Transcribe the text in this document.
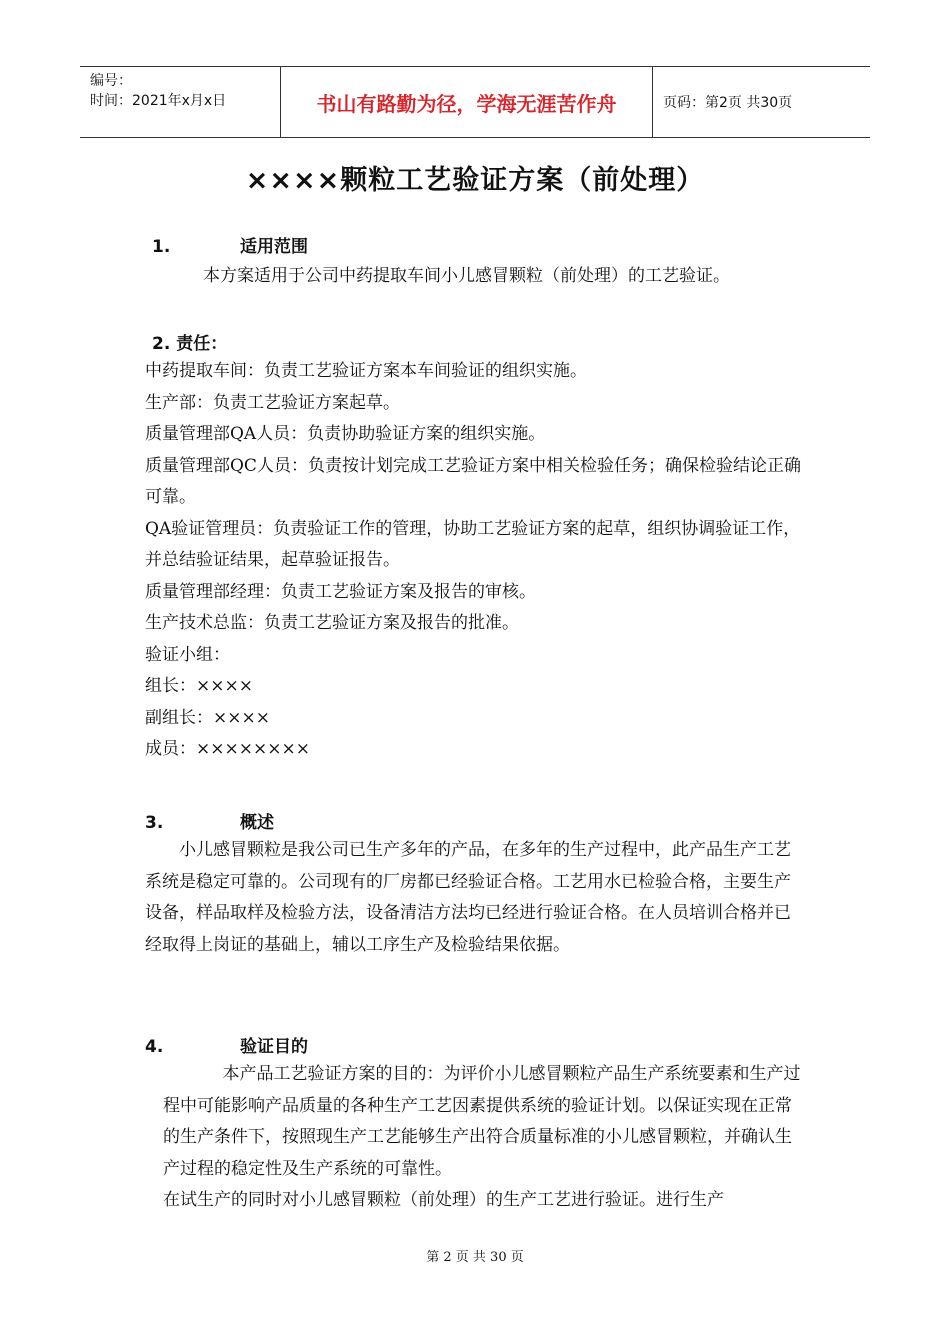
编号：
时间：2021年x月x日	书山有路勤为径，学海无涯苦作舟	页码：第2页 共30页
××××颗粒工艺验证方案（前处理）
1.	适用范围
本方案适用于公司中药提取车间小儿感冒颗粒（前处理）的工艺验证。
2. 责任：
中药提取车间：负责工艺验证方案本车间验证的组织实施。
生产部：负责工艺验证方案起草。
质量管理部QA人员：负责协助验证方案的组织实施。
质量管理部QC人员：负责按计划完成工艺验证方案中相关检验任务；确保检验结论正确可靠。
QA验证管理员：负责验证工作的管理，协助工艺验证方案的起草，组织协调验证工作，并总结验证结果，起草验证报告。
质量管理部经理：负责工艺验证方案及报告的审核。
生产技术总监：负责工艺验证方案及报告的批准。
验证小组：
组长：××××
副组长：××××
成员：××××××××
3.	概述
小儿感冒颗粒是我公司已生产多年的产品，在多年的生产过程中，此产品生产工艺系统是稳定可靠的。公司现有的厂房都已经验证合格。工艺用水已检验合格，主要生产设备，样品取样及检验方法，设备清洁方法均已经进行验证合格。在人员培训合格并已经取得上岗证的基础上，辅以工序生产及检验结果依据。
4.	验证目的
本产品工艺验证方案的目的：为评价小儿感冒颗粒产品生产系统要素和生产过程中可能影响产品质量的各种生产工艺因素提供系统的验证计划。以保证实现在正常的生产条件下，按照现生产工艺能够生产出符合质量标准的小儿感冒颗粒，并确认生产过程的稳定性及生产系统的可靠性。
在试生产的同时对小儿感冒颗粒（前处理）的生产工艺进行验证。进行生产
第 2 页 共 30 页
